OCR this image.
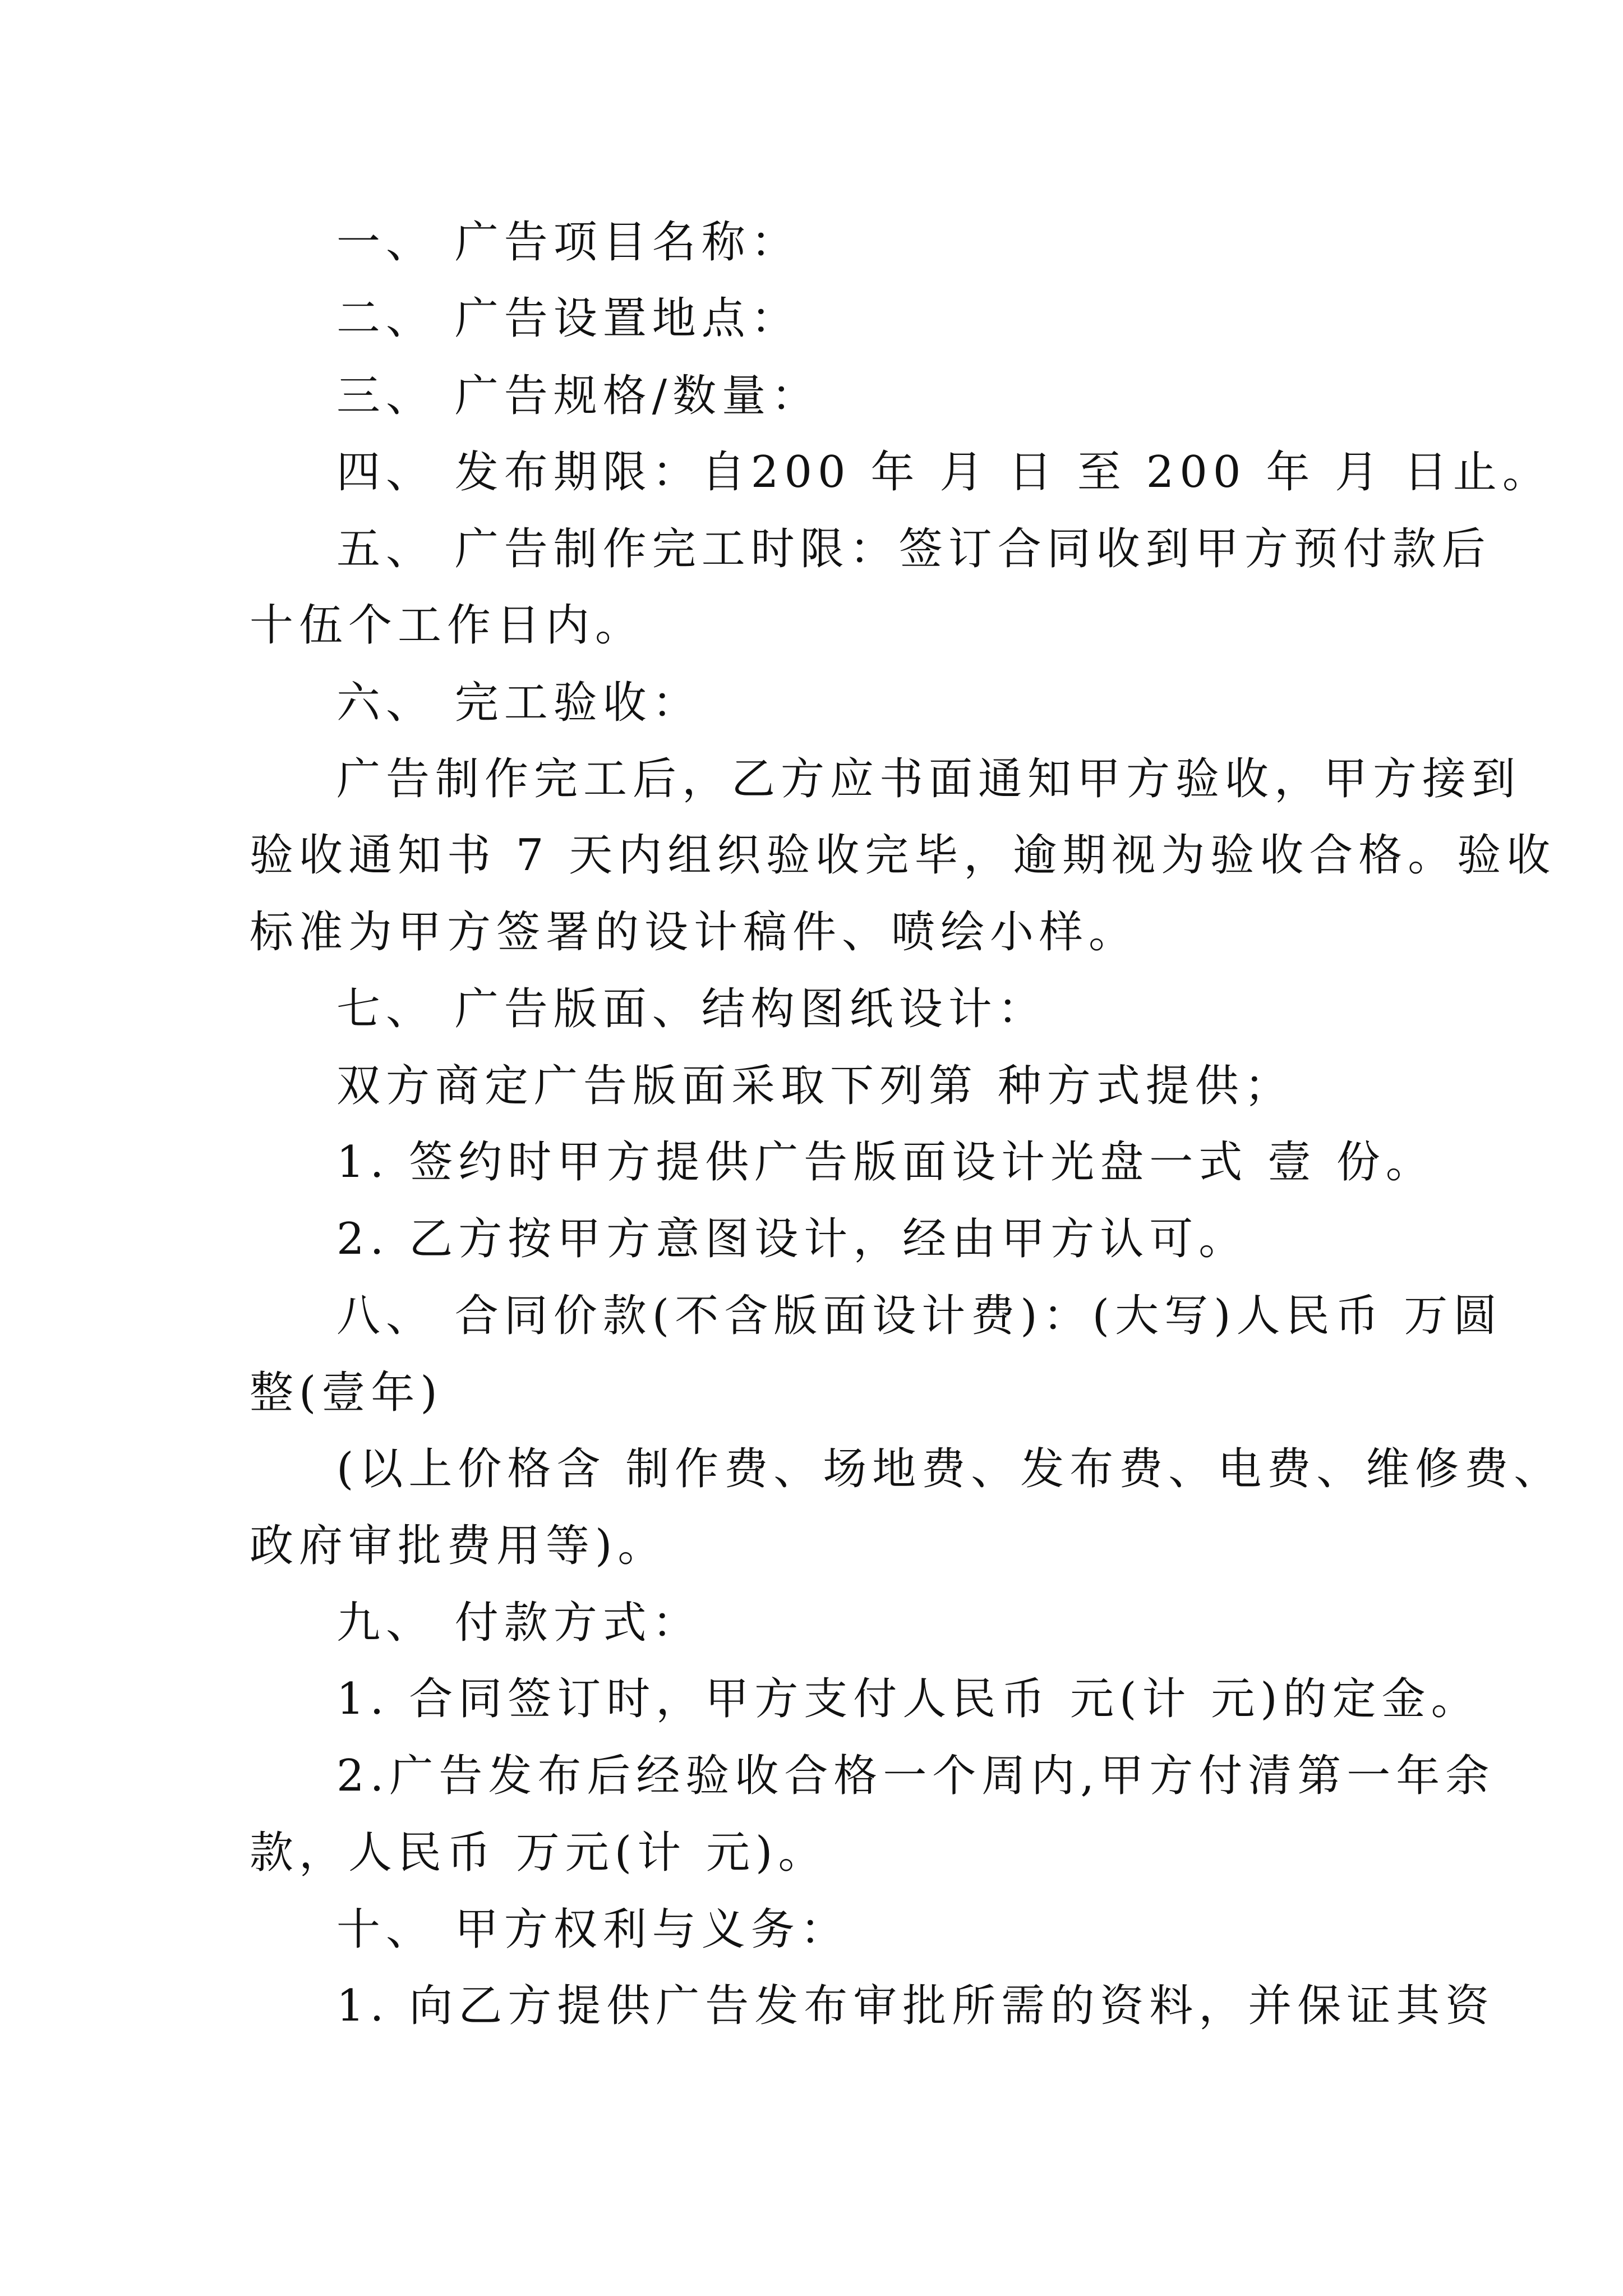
一、 广告项目名称：
二、 广告设置地点：
三、 广告规格/数量：
四、 发布期限：自200 年 月 日 至 200 年 月 日止。
五、 广告制作完工时限：签订合同收到甲方预付款后
十伍个工作日内。
六、 完工验收：
广告制作完工后，乙方应书面通知甲方验收，甲方接到
验收通知书 7 天内组织验收完毕，逾期视为验收合格。验收
标准为甲方签署的设计稿件、喷绘小样。
七、 广告版面、结构图纸设计：
双方商定广告版面采取下列第 种方式提供；
1. 签约时甲方提供广告版面设计光盘一式 壹 份。
2. 乙方按甲方意图设计，经由甲方认可。
八、 合同价款(不含版面设计费)：(大写)人民币 万圆
整(壹年)
(以上价格含 制作费、场地费、发布费、电费、维修费、
政府审批费用等)。
九、 付款方式：
1. 合同签订时，甲方支付人民币 元(计 元)的定金。
2.广告发布后经验收合格一个周内,甲方付清第一年余
款，人民币 万元(计 元)。
十、 甲方权利与义务：
1. 向乙方提供广告发布审批所需的资料，并保证其资
